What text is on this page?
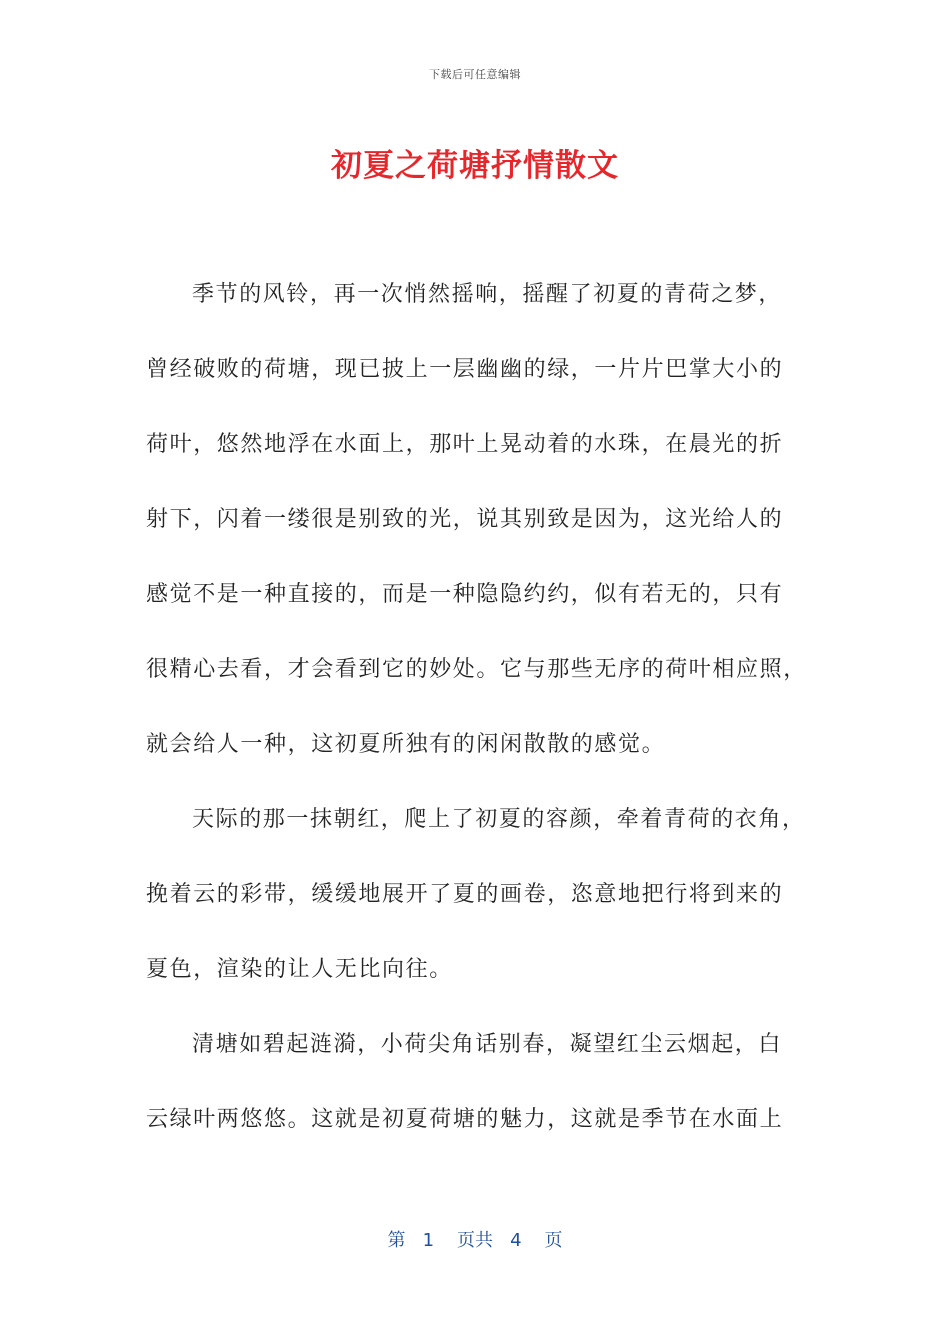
下载后可任意编辑
初夏之荷塘抒情散文
季节的风铃，再一次悄然摇响，摇醒了初夏的青荷之梦，
曾经破败的荷塘，现已披上一层幽幽的绿，一片片巴掌大小的
荷叶，悠然地浮在水面上，那叶上晃动着的水珠，在晨光的折
射下，闪着一缕很是别致的光，说其别致是因为，这光给人的
感觉不是一种直接的，而是一种隐隐约约，似有若无的，只有
很精心去看，才会看到它的妙处。它与那些无序的荷叶相应照，
就会给人一种，这初夏所独有的闲闲散散的感觉。
天际的那一抹朝红，爬上了初夏的容颜，牵着青荷的衣角，
挽着云的彩带，缓缓地展开了夏的画卷，恣意地把行将到来的
夏色，渲染的让人无比向往。
清塘如碧起涟漪，小荷尖角话别春，凝望红尘云烟起，白
云绿叶两悠悠。这就是初夏荷塘的魅力，这就是季节在水面上
第 1 页共 4 页
